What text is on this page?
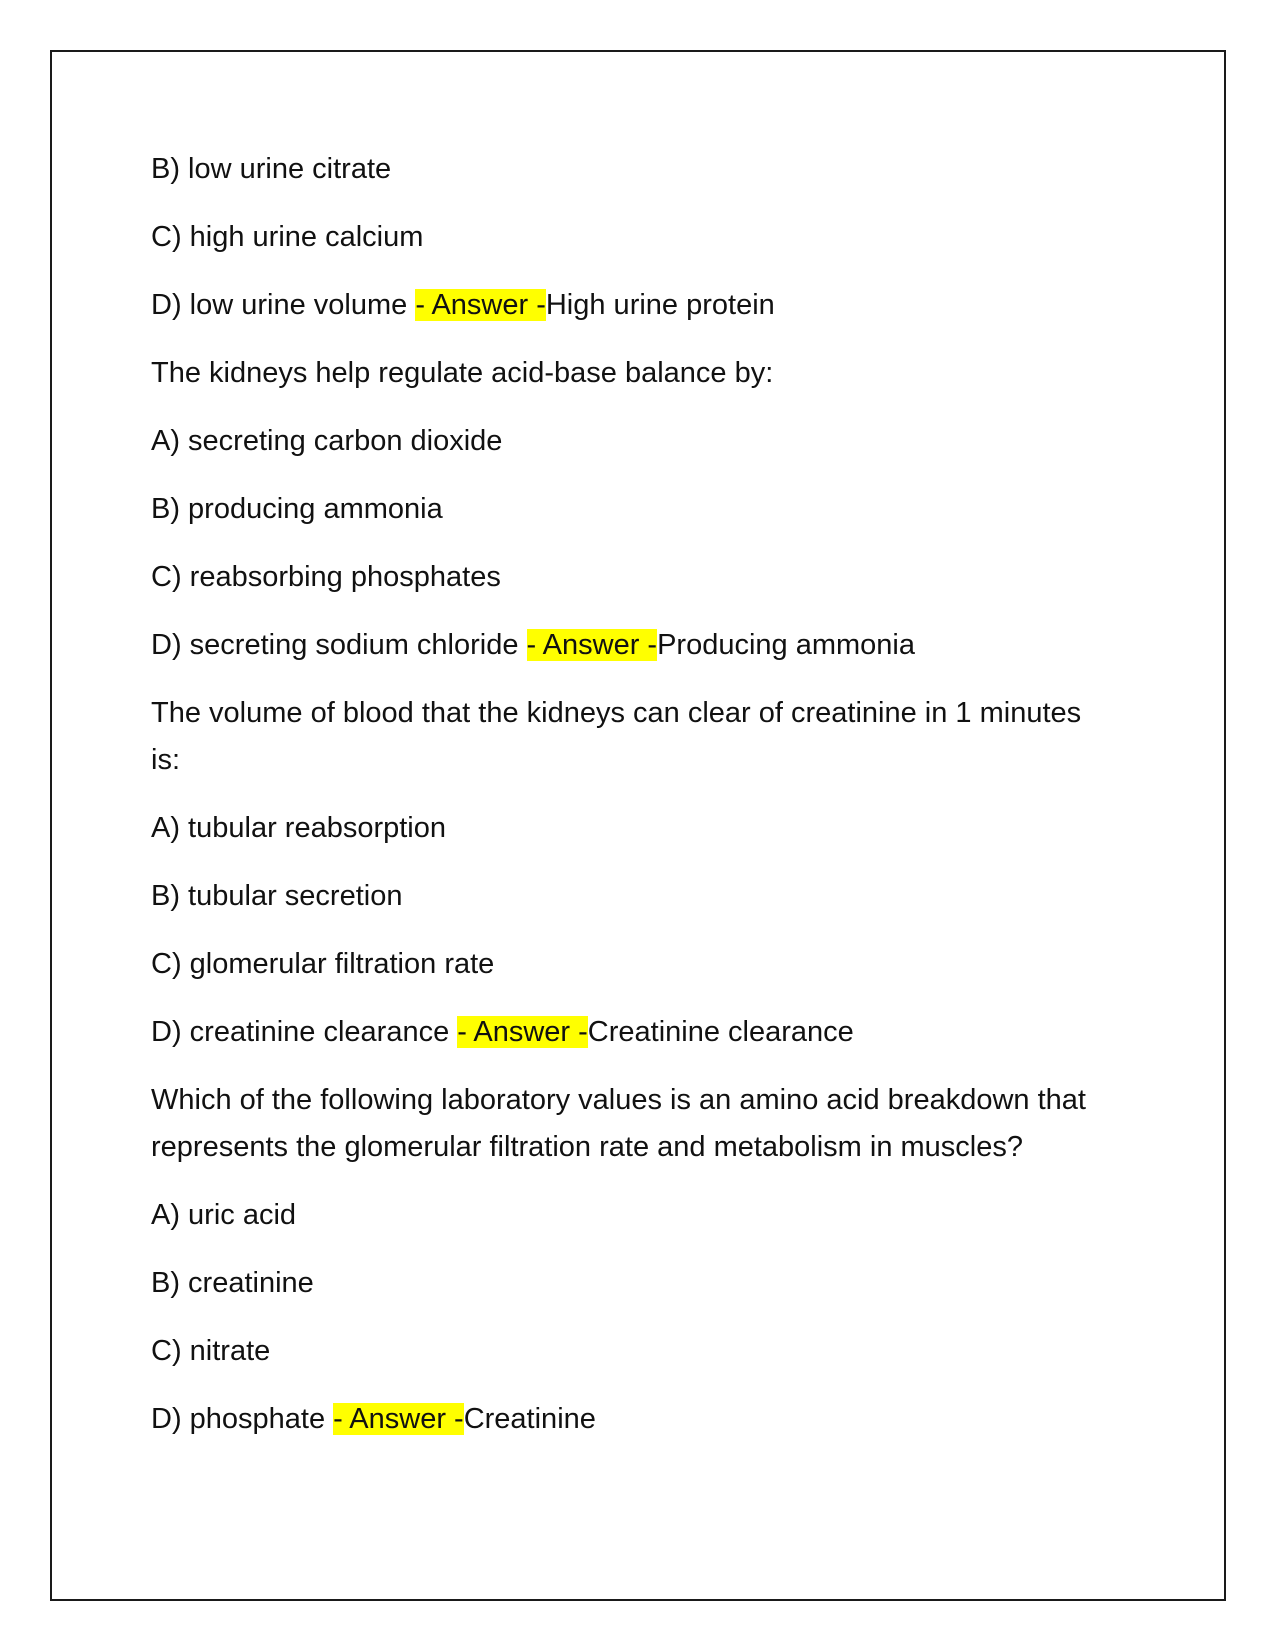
B) low urine citrate

C) high urine calcium

D) low urine volume - Answer -High urine protein

The kidneys help regulate acid-base balance by:

A) secreting carbon dioxide

B) producing ammonia

C) reabsorbing phosphates

D) secreting sodium chloride - Answer -Producing ammonia

The volume of blood that the kidneys can clear of creatinine in 1 minutes is:

A) tubular reabsorption

B) tubular secretion

C) glomerular filtration rate

D) creatinine clearance - Answer -Creatinine clearance

Which of the following laboratory values is an amino acid breakdown that represents the glomerular filtration rate and metabolism in muscles?

A) uric acid

B) creatinine

C) nitrate

D) phosphate - Answer -Creatinine
